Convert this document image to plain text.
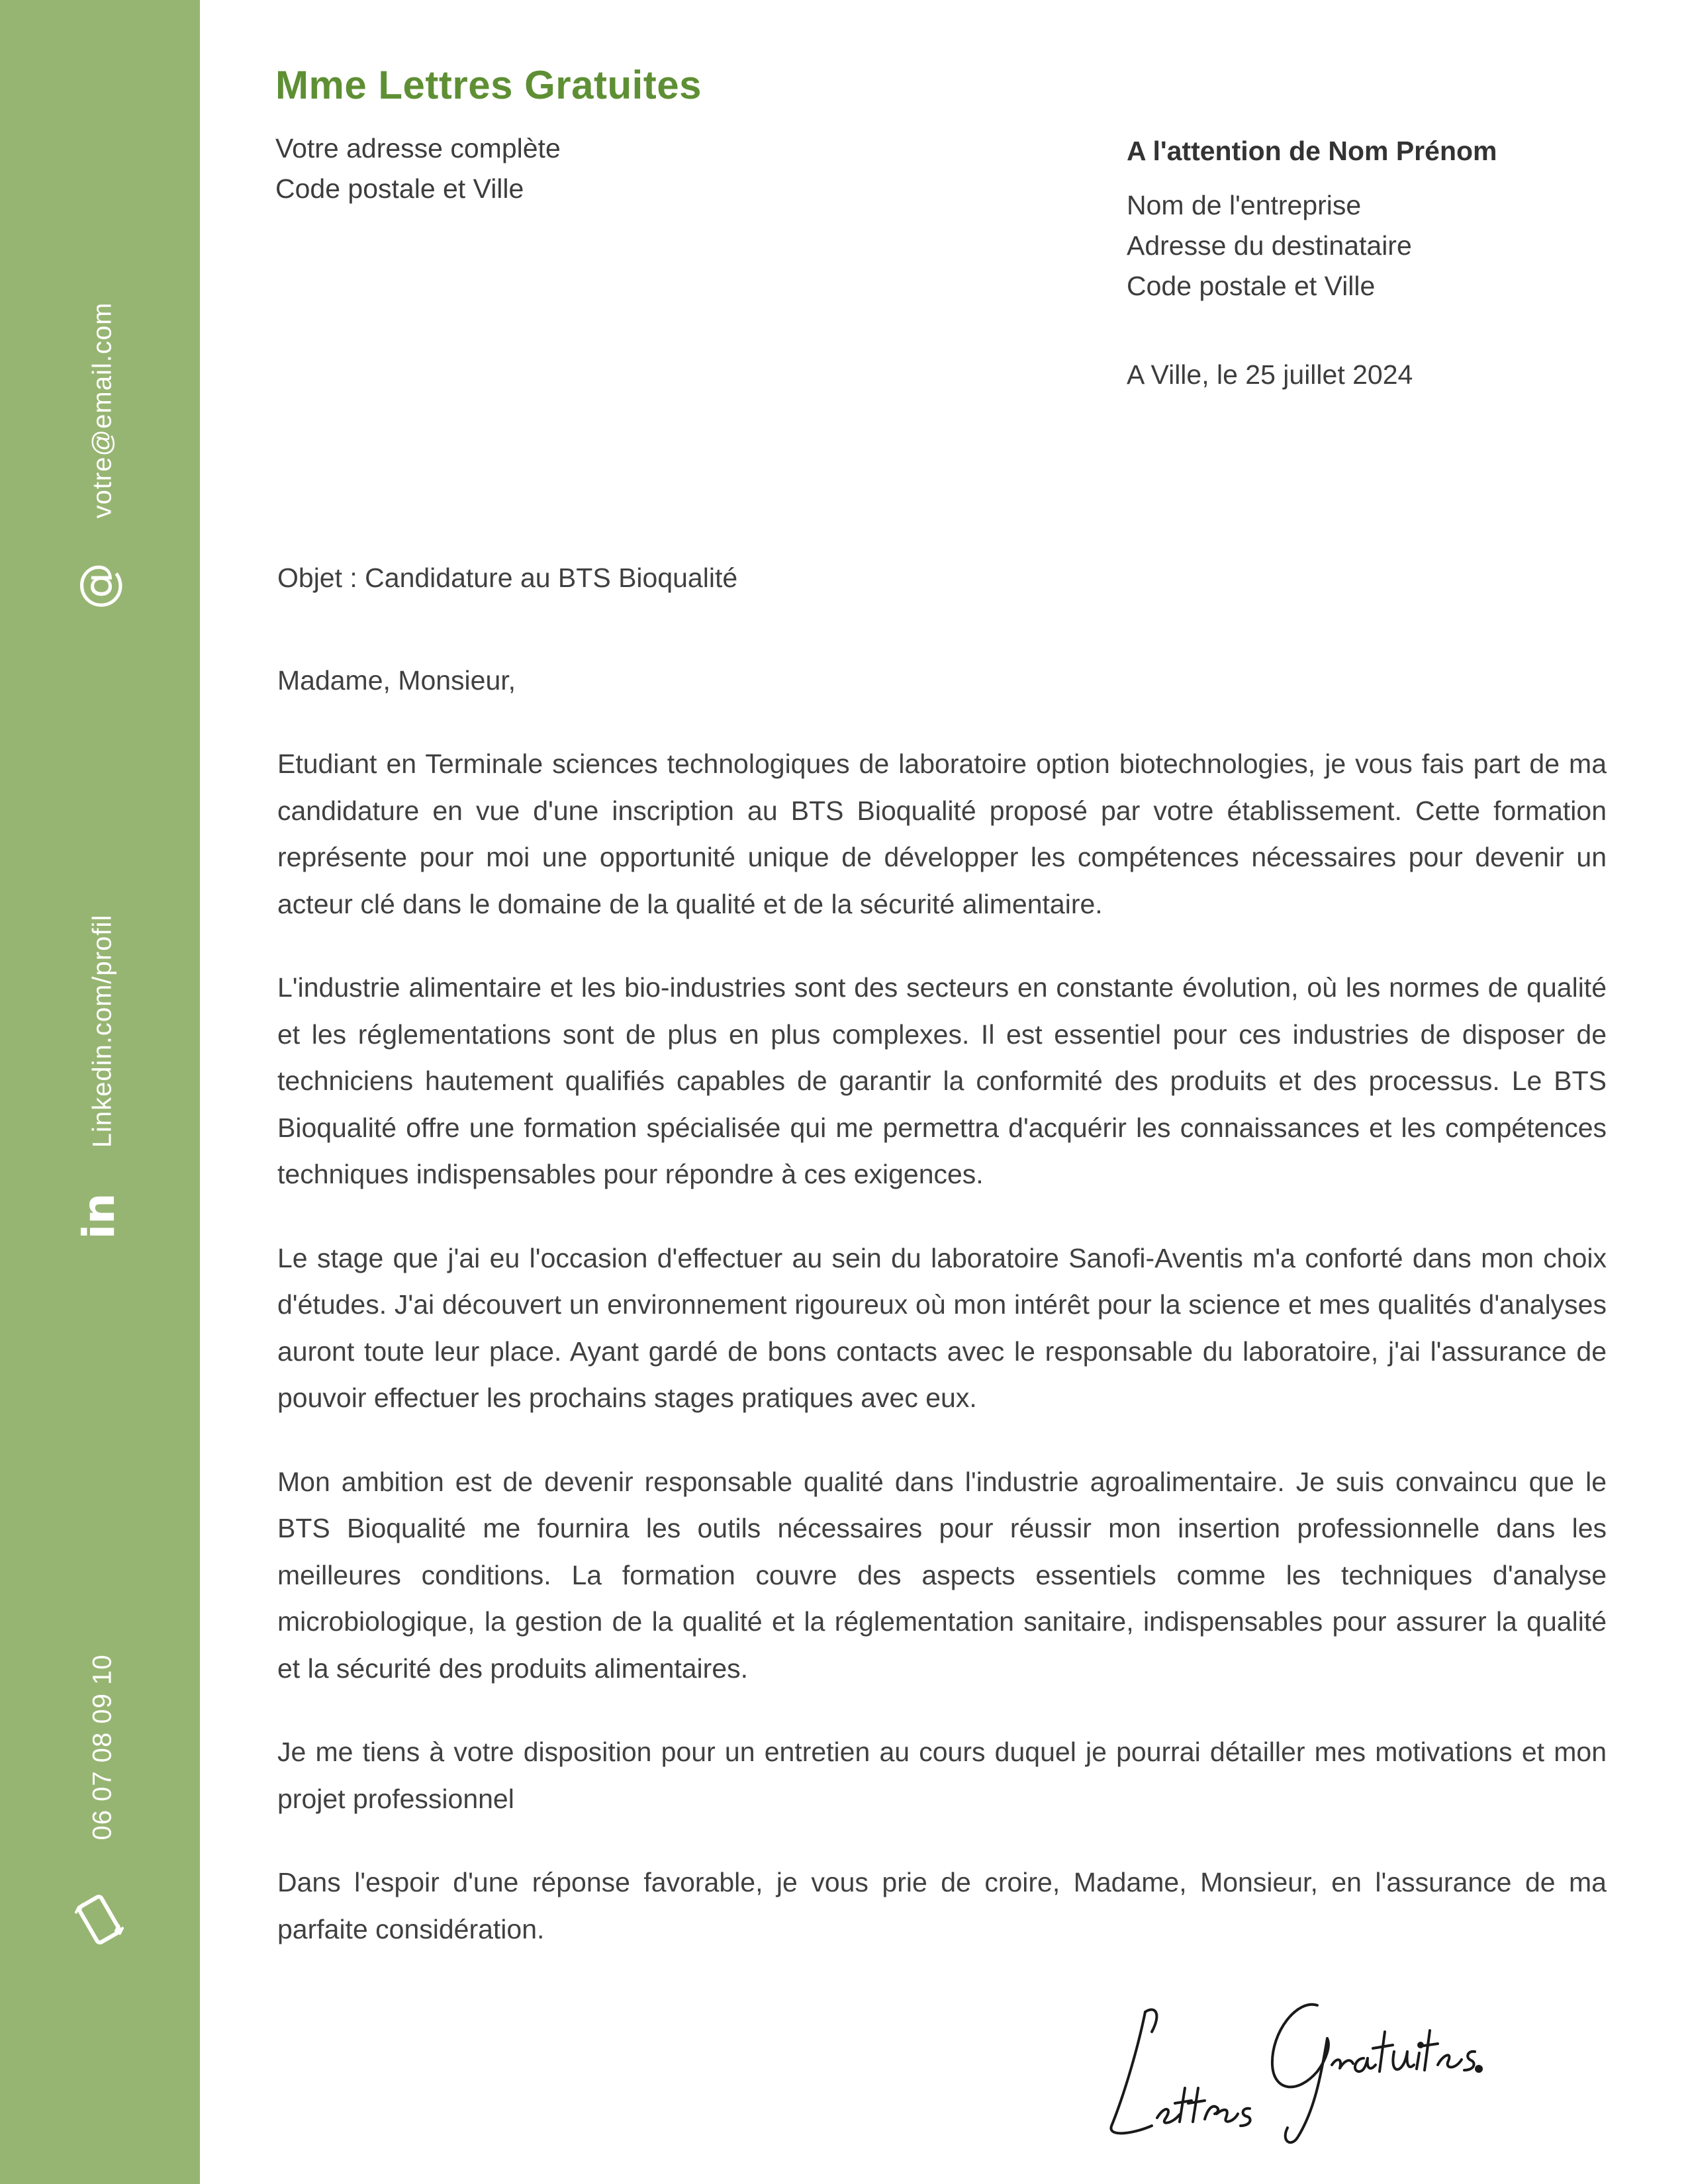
votre@email.com
@
Linkedin.com/profil
in
06 07 08 09 10
Mme Lettres Gratuites
Votre adresse complète
Code postale et Ville
A l'attention de Nom Prénom
Nom de l'entreprise
Adresse du destinataire
Code postale et Ville
A Ville, le 25 juillet 2024

Objet : Candidature au BTS Bioqualité

Madame, Monsieur,

Etudiant en Terminale sciences technologiques de laboratoire option biotechnologies, je vous fais part de ma candidature en vue d'une inscription au BTS Bioqualité proposé par votre établissement. Cette formation représente pour moi une opportunité unique de développer les compétences nécessaires pour devenir un acteur clé dans le domaine de la qualité et de la sécurité alimentaire.

L'industrie alimentaire et les bio-industries sont des secteurs en constante évolution, où les normes de qualité et les réglementations sont de plus en plus complexes. Il est essentiel pour ces industries de disposer de techniciens hautement qualifiés capables de garantir la conformité des produits et des processus. Le BTS Bioqualité offre une formation spécialisée qui me permettra d'acquérir les connaissances et les compétences techniques indispensables pour répondre à ces exigences.

Le stage que j'ai eu l'occasion d'effectuer au sein du laboratoire Sanofi-Aventis m'a conforté dans mon choix d'études. J'ai découvert un environnement rigoureux où mon intérêt pour la science et mes qualités d'analyses auront toute leur place. Ayant gardé de bons contacts avec le responsable du laboratoire, j'ai l'assurance de pouvoir effectuer les prochains stages pratiques avec eux.

Mon ambition est de devenir responsable qualité dans l'industrie agroalimentaire. Je suis convaincu que le BTS Bioqualité me fournira les outils nécessaires pour réussir mon insertion professionnelle dans les meilleures conditions. La formation couvre des aspects essentiels comme les techniques d'analyse microbiologique, la gestion de la qualité et la réglementation sanitaire, indispensables pour assurer la qualité et la sécurité des produits alimentaires.

Je me tiens à votre disposition pour un entretien au cours duquel je pourrai détailler mes motivations et mon projet professionnel

Dans l'espoir d'une réponse favorable, je vous prie de croire, Madame, Monsieur, en l'assurance de ma parfaite considération.
